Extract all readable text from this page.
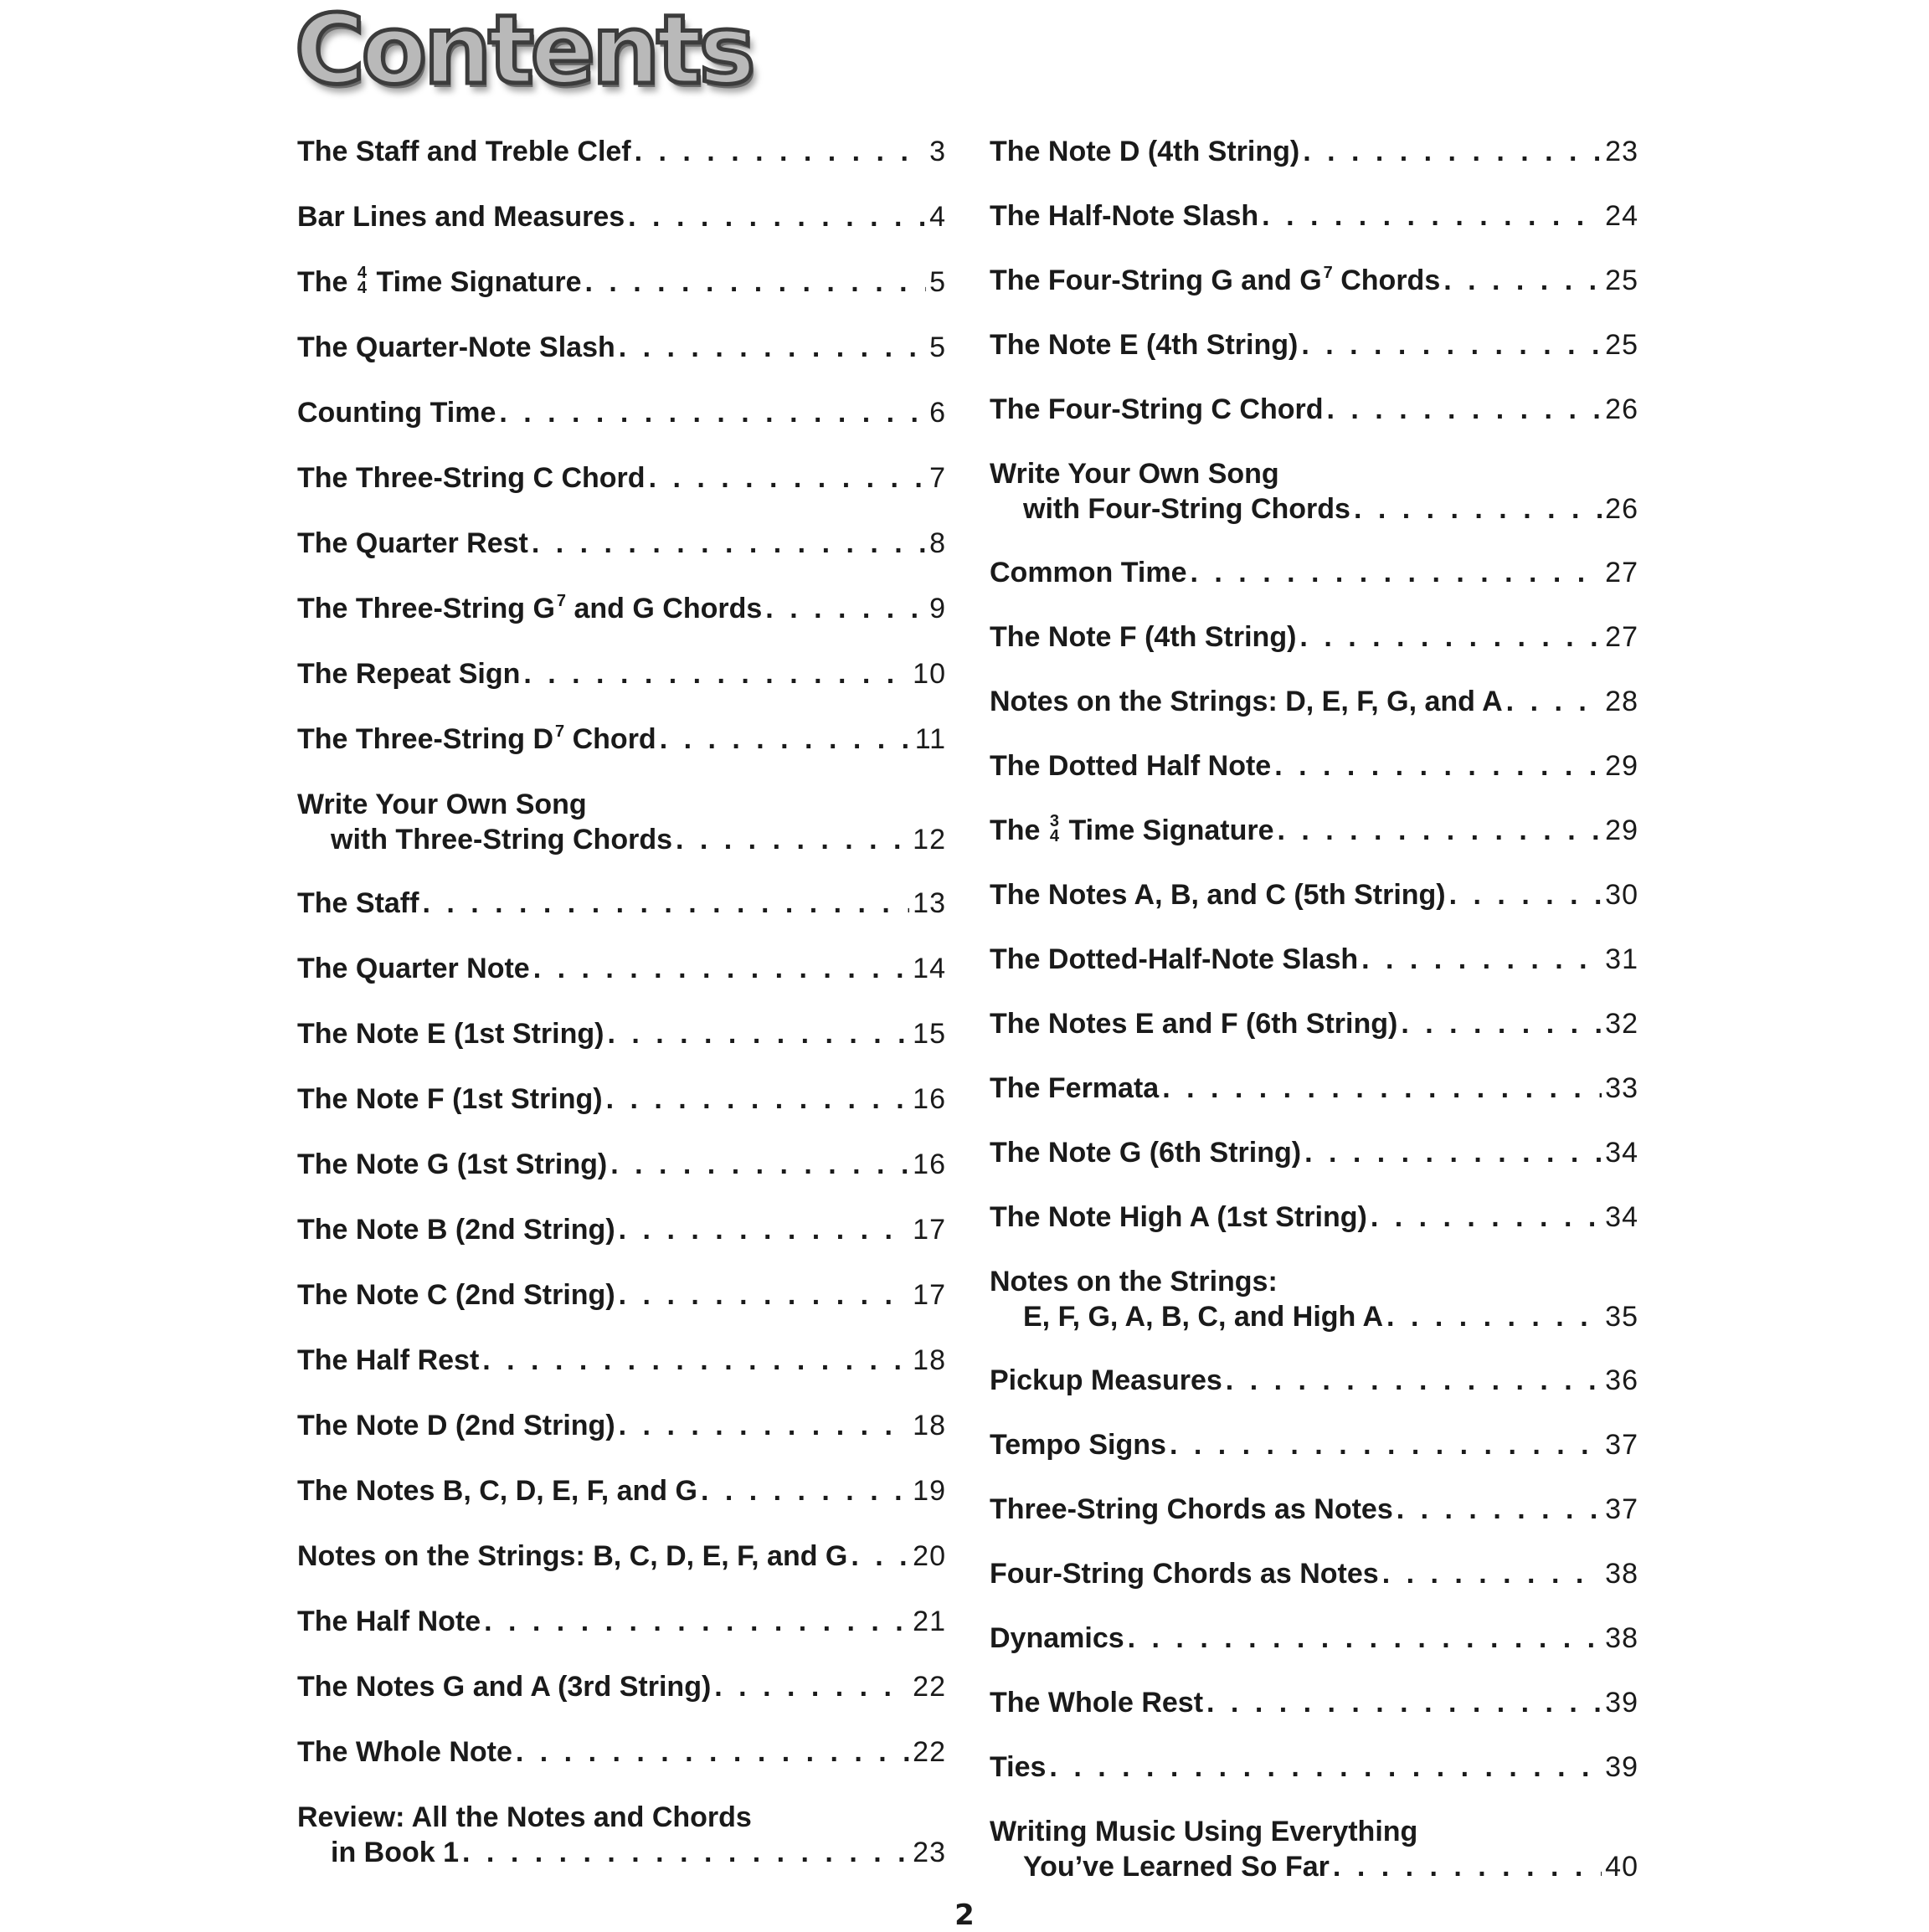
Contents
The Staff and Treble Clef . . .	3
Bar Lines and Measures . . .	4
The 4
4 Time Signature . . .	5
The Quarter-Note Slash . . .	5
Counting Time . . .	6
The Three-String C Chord . . .	7
The Quarter Rest . . .	8
The Three-String G $^7$ and G Chords . . .	9
The Repeat Sign . . .	10
The Three-String D $^7$ Chord . . .	11
Write Your Own Song
with Three-String Chords . . .	12
The Staff . . .	13
The Quarter Note . . .	14
The Note E (1st String) . . .	15
The Note F (1st String) . . .	16
The Note G (1st String) . . .	16
The Note B (2nd String) . . .	17
The Note C (2nd String) . . .	17
The Half Rest . . .	18
The Note D (2nd String) . . .	18
The Notes B, C, D, E, F, and G . . .	19
Notes on the Strings: B, C, D, E, F, and G . . . 20
The Half Note . . .	21
The Notes G and A (3rd String) . . .	22
The Whole Note . . .	22
Review: All the Notes and Chords
in Book 1 . . .	23
The Note D (4th String) . . .	23
The Half-Note Slash . . .	24
The Four-String G and G $^7$ Chords . . .	25
The Note E (4th String) . . .	25
The Four-String C Chord . . .	26
Write Your Own Song
with Four-String Chords . . .	26
Common Time . . .	27
The Note F (4th String) . . .	27
Notes on the Strings: D, E, F, G, and A . . .	28
The Dotted Half Note . . .	29
The 3
4 Time Signature . . .	29
The Notes A, B, and C (5th String) . . .	30
The Dotted-Half-Note Slash . . .	31
The Notes E and F (6th String) . . .	32
The Fermata . . .	33
The Note G (6th String) . . .	34
The Note High A (1st String) . . .	34
Notes on the Strings:
E, F, G, A, B, C, and High A . . .	35
Pickup Measures . . .	36
Tempo Signs . . .	37
Three-String Chords as Notes . . .	37
Four-String Chords as Notes . . .	38
Dynamics . . .	38
The Whole Rest . . .	39
Ties . . .	39
Writing Music Using Everything
You’ve Learned So Far . . .	40
2
